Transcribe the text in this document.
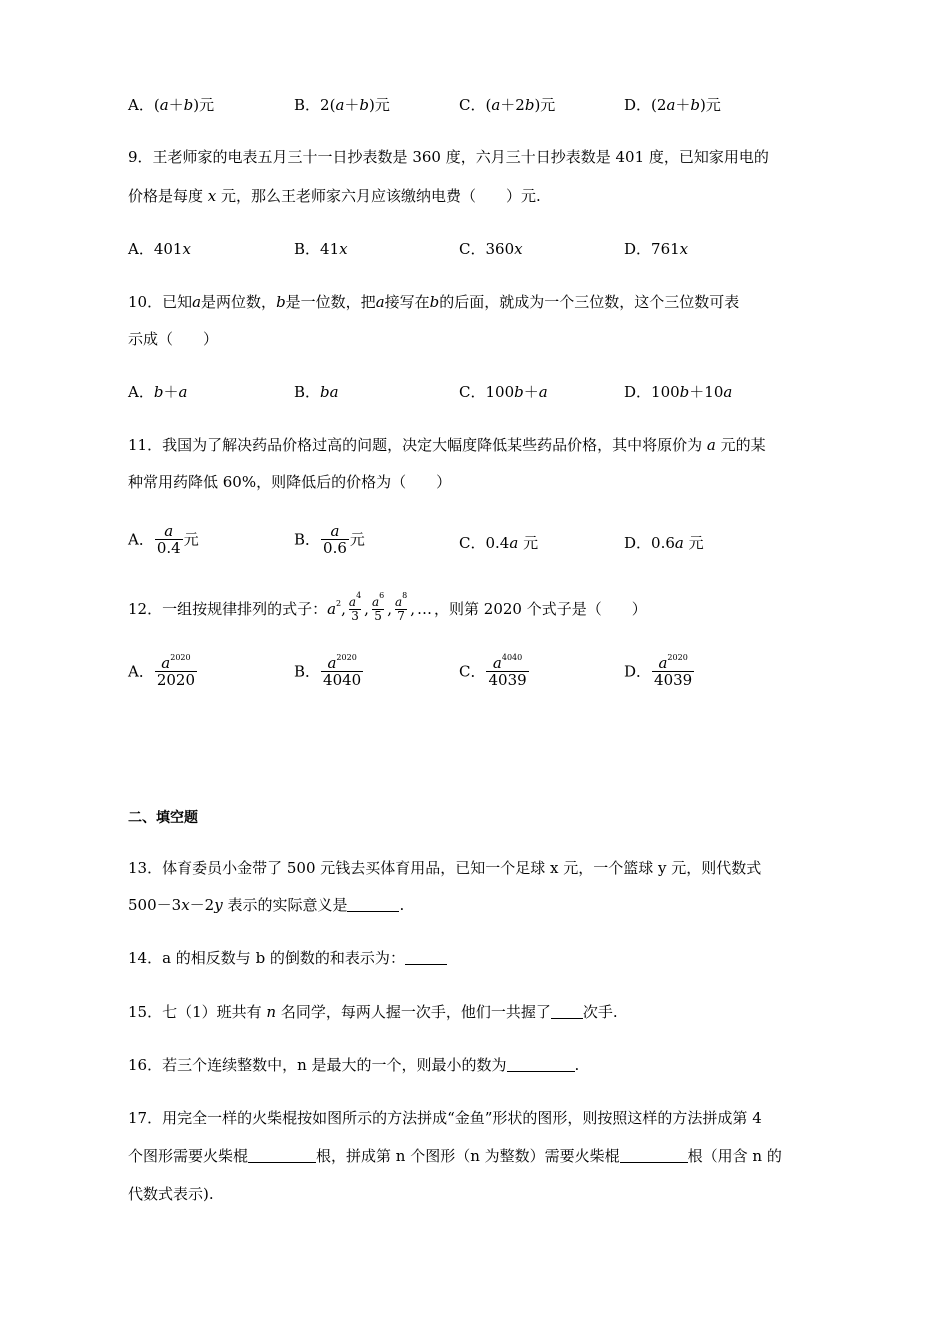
A．(a＋b)元	B．2(a＋b)元	C．(a＋2b)元	D．(2a＋b)元
9．王老师家的电表五月三十一日抄表数是 360 度，六月三十日抄表数是 401 度，已知家用电的
价格是每度 x 元，那么王老师家六月应该缴纳电费（　　）元.
A．401x	B．41x	C．360x	D．761x
10．已知a是两位数，b是一位数，把a接写在b的后面，就成为一个三位数，这个三位数可表
示成（　　）
A．b＋a	B．ba	C．100b＋a	D．100b＋10a
11．我国为了解决药品价格过高的问题，决定大幅度降低某些药品价格，其中将原价为 a 元的某
种常用药降低 60%，则降低后的价格为（　　）
A． $\frac{a}{0.4}$ 元	B． $\frac{a}{0.6}$ 元	C．0.4a 元	D．0.6a 元
12．一组按规律排列的式子：$a^2$, $\frac{a^4}{3}$ , $\frac{a^6}{5}$ , $\frac{a^8}{7}$ , … ，则第 2020 个式子是（　　）
A． $\frac{a^{2020}}{2020}$	B． $\frac{a^{2020}}{4040}$	C． $\frac{a^{4040}}{4039}$	D． $\frac{a^{2020}}{4039}$
二、填空题
13．体育委员小金带了 500 元钱去买体育用品，已知一个足球 x 元，一个篮球 y 元，则代数式
500－3x－2y 表示的实际意义是	.
14．a 的相反数与 b 的倒数的和表示为：
15．七（1）班共有 n 名同学，每两人握一次手，他们一共握了 次手.
16．若三个连续整数中，n 是最大的一个，则最小的数为	.
17．用完全一样的火柴棍按如图所示的方法拼成“金鱼”形状的图形，则按照这样的方法拼成第 4
个图形需要火柴棍	根，拼成第 n 个图形（n 为整数）需要火柴棍	根（用含 n 的
代数式表示).
